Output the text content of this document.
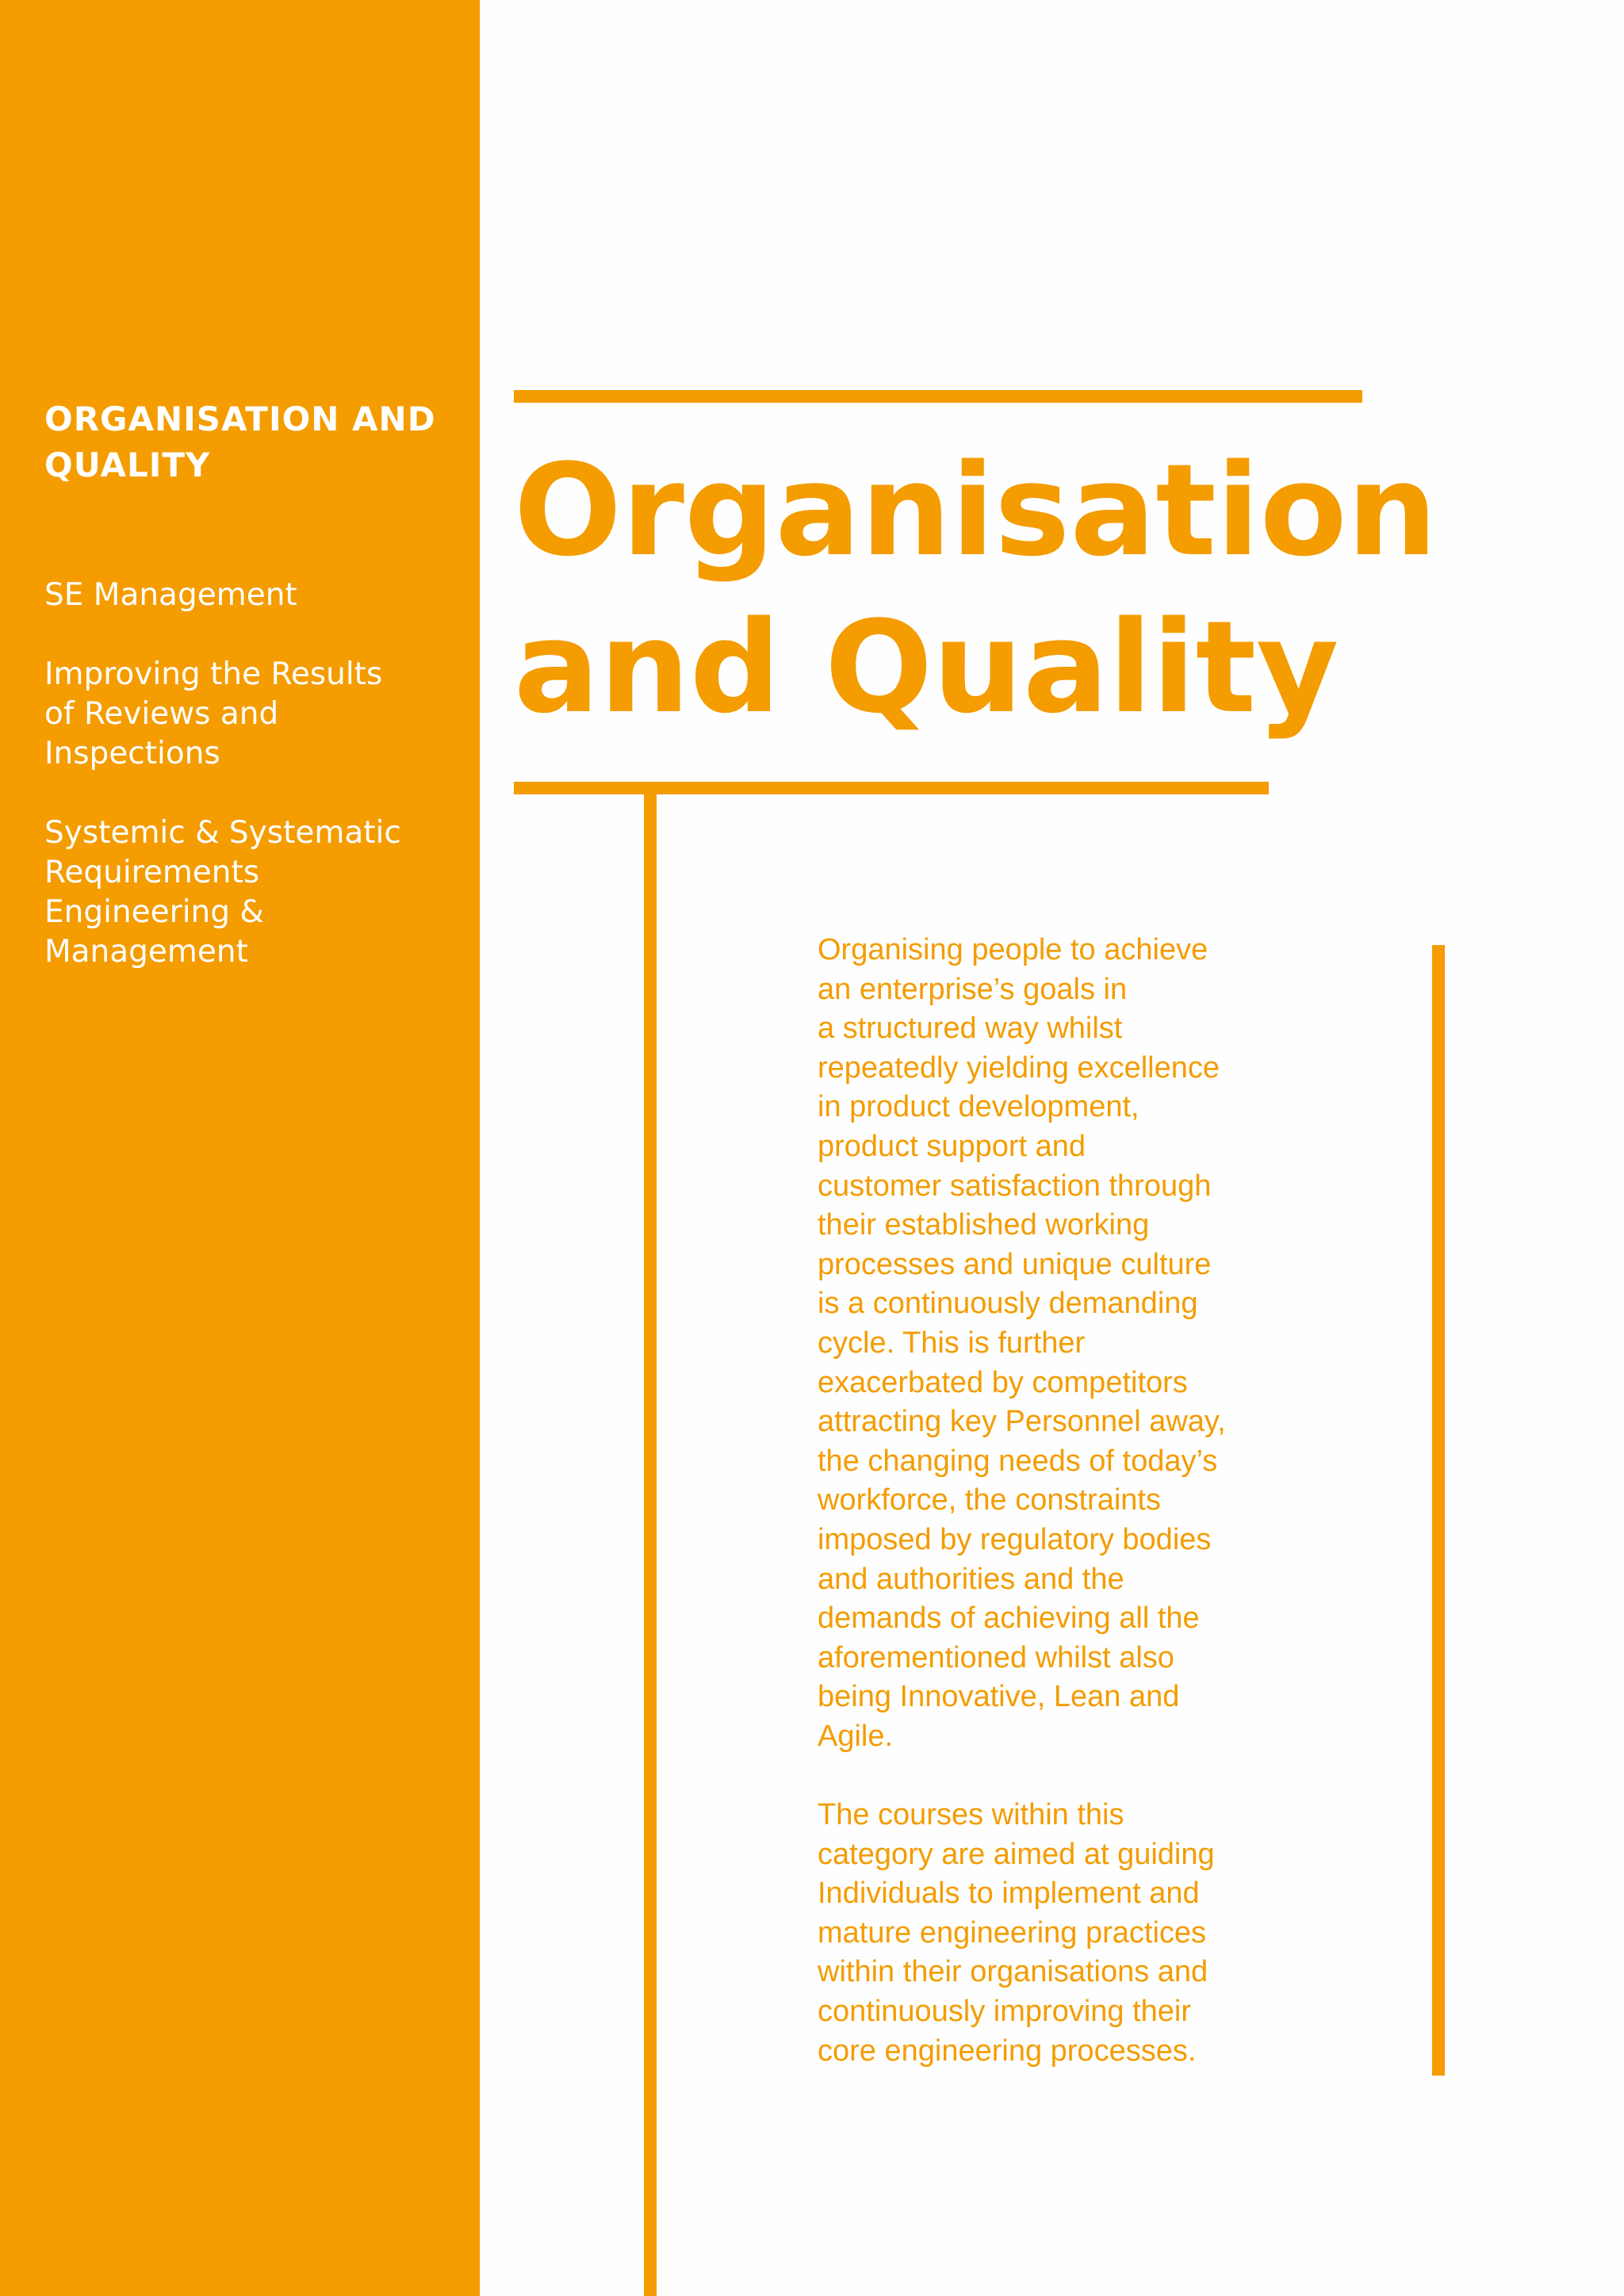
ORGANISATION AND QUALITY
SE Management
Improving the Results
of Reviews and
Inspections
Systemic & Systematic
Requirements
Engineering &
Management
Organisation
and Quality

Organising people to achieve
an enterprise’s goals in
a structured way whilst
repeatedly yielding excellence
in product development,
product support and
customer satisfaction through
their established working
processes and unique culture
is a continuously demanding
cycle. This is further
exacerbated by competitors
attracting key Personnel away,
the changing needs of today’s
workforce, the constraints
imposed by regulatory bodies
and authorities and the
demands of achieving all the
aforementioned whilst also
being Innovative, Lean and
Agile.

The courses within this
category are aimed at guiding
Individuals to implement and
mature engineering practices
within their organisations and
continuously improving their
core engineering processes.
